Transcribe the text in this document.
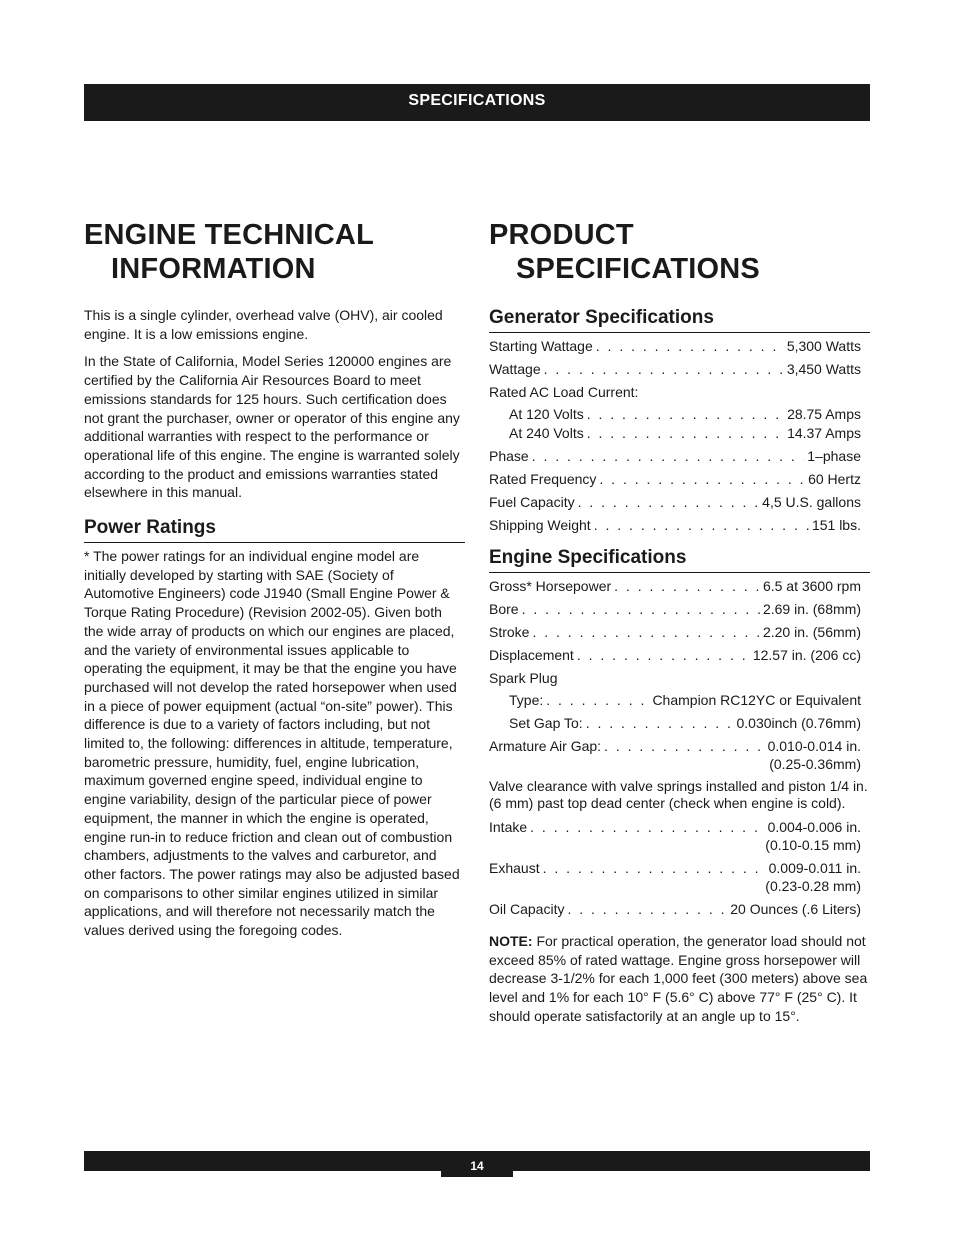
SPECIFICATIONS
ENGINE TECHNICAL
INFORMATION

This is a single cylinder, overhead valve (OHV), air cooled engine. It is a low emissions engine.

In the State of California, Model Series 120000 engines are certified by the California Air Resources Board to meet emissions standards for 125 hours. Such certification does not grant the purchaser, owner or operator of this engine any additional warranties with respect to the performance or operational life of this engine. The engine is warranted solely according to the product and emissions warranties stated elsewhere in this manual.

Power Ratings

* The power ratings for an individual engine model are initially developed by starting with SAE (Society of Automotive Engineers) code J1940 (Small Engine Power & Torque Rating Procedure) (Revision 2002-05). Given both the wide array of products on which our engines are placed, and the variety of environmental issues applicable to operating the equipment, it may be that the engine you have purchased will not develop the rated horsepower when used in a piece of power equipment (actual “on-site” power). This difference is due to a variety of factors including, but not limited to, the following: differences in altitude, temperature, barometric pressure, humidity, fuel, engine lubrication, maximum governed engine speed, individual engine to engine variability, design of the particular piece of power equipment, the manner in which the engine is operated, engine run-in to reduce friction and clean out of combustion chambers, adjustments to the valves and carburetor, and other factors. The power ratings may also be adjusted based on comparisons to other similar engines utilized in similar applications, and will therefore not necessarily match the values derived using the foregoing codes.

PRODUCT
SPECIFICATIONS
Generator Specifications
Starting Wattage . . .	5,300 Watts
Wattage . . .	3,450 Watts
Rated AC Load Current:
At 120 Volts . . .	28.75 Amps
At 240 Volts . . .	14.37 Amps
Phase . . .	1–phase
Rated Frequency . . .	60 Hertz
Fuel Capacity . . .	4,5 U.S. gallons
Shipping Weight . . .	151 lbs.
Engine Specifications
Gross* Horsepower . . .	6.5 at 3600 rpm
Bore . . .	2.69 in. (68mm)
Stroke . . .	2.20 in. (56mm)
Displacement . . .	12.57 in. (206 cc)
Spark Plug
Type: . . .	Champion RC12YC or Equivalent
Set Gap To: . . .	0.030inch (0.76mm)
Armature Air Gap: . . .	0.010-0.014 in.
(0.25-0.36mm)
Valve clearance with valve springs installed and piston 1/4 in. (6 mm) past top dead center (check when engine is cold).
Intake . . .	0.004-0.006 in.
(0.10-0.15 mm)
Exhaust . . .	0.009-0.011 in.
(0.23-0.28 mm)
Oil Capacity . . .	20 Ounces (.6 Liters)
NOTE: For practical operation, the generator load should not exceed 85% of rated wattage. Engine gross horsepower will decrease 3-1/2% for each 1,000 feet (300 meters) above sea level and 1% for each 10° F (5.6° C) above 77° F (25° C). It should operate satisfactorily at an angle up to 15°.
14
